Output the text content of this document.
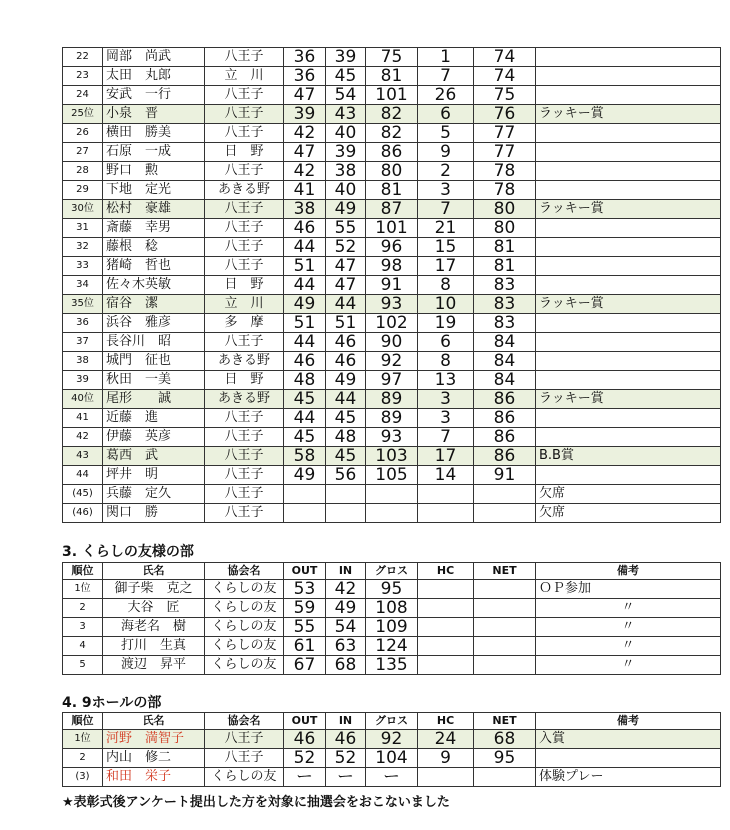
22	岡部　尚武	八王子	36	39	75	1	74	
23	太田　丸郎	立　川	36	45	81	7	74	
24	安武　一行	八王子	47	54	101	26	75	
25位	小泉　晋	八王子	39	43	82	6	76	ラッキー賞
26	横田　勝美	八王子	42	40	82	5	77	
27	石原　一成	日　野	47	39	86	9	77	
28	野口　勲	八王子	42	38	80	2	78	
29	下地　定光	あきる野	41	40	81	3	78	
30位	松村　豪雄	八王子	38	49	87	7	80	ラッキー賞
31	斎藤　幸男	八王子	46	55	101	21	80	
32	藤根　稔	八王子	44	52	96	15	81	
33	猪崎　哲也	八王子	51	47	98	17	81	
34	佐々木英敏	日　野	44	47	91	8	83	
35位	宿谷　潔	立　川	49	44	93	10	83	ラッキー賞
36	浜谷　雅彦	多　摩	51	51	102	19	83	
37	長谷川　昭	八王子	44	46	90	6	84	
38	城門　征也	あきる野	46	46	92	8	84	
39	秋田　一美	日　野	48	49	97	13	84	
40位	尾形　　誠	あきる野	45	44	89	3	86	ラッキー賞
41	近藤　進	八王子	44	45	89	3	86	
42	伊藤　英彦	八王子	45	48	93	7	86	
43	葛西　武	八王子	58	45	103	17	86	B.B賞
44	坪井　明	八王子	49	56	105	14	91	
(45)	兵藤　定久	八王子						欠席
(46)	関口　勝	八王子						欠席
3. くらしの友様の部
順位	氏名	協会名	OUT	IN	グロス	HC	NET	備考
1位	御子柴　克之	くらしの友	53	42	95			ＯＰ参加
2	大谷　匠	くらしの友	59	49	108			〃
3	海老名　樹	くらしの友	55	54	109			〃
4	打川　生真	くらしの友	61	63	124			〃
5	渡辺　昇平	くらしの友	67	68	135			〃
4. 9ホールの部
順位	氏名	協会名	OUT	IN	グロス	HC	NET	備考
1位	河野　満智子	八王子	46	46	92	24	68	入賞
2	内山　修二	八王子	52	52	104	9	95	
(3)	和田　栄子	くらしの友	ー	ー	ー			体験プレー
★表彰式後アンケート提出した方を対象に抽選会をおこないました
